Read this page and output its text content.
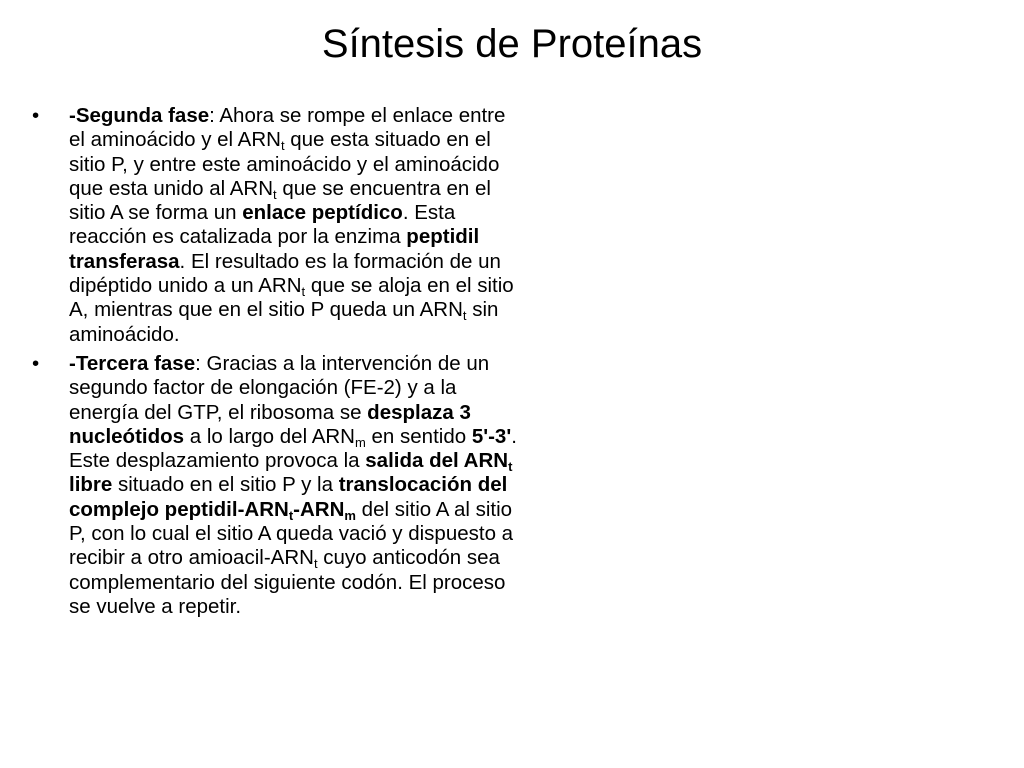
Síntesis de Proteínas
• -Segunda fase: Ahora se rompe el enlace entre el aminoácido y el $ARN_t$ que esta situado en el sitio P, y entre este aminoácido y el aminoácido que esta unido al $ARN_t$ que se encuentra en el sitio A se forma un enlace peptídico. Esta reacción es catalizada por la enzima peptidil transferasa. El resultado es la formación de un dipéptido unido a un $ARN_t$ que se aloja en el sitio A, mientras que en el sitio P queda un $ARN_t$ sin aminoácido.
• -Tercera fase: Gracias a la intervención de un segundo factor de elongación (FE-2) y a la energía del GTP, el ribosoma se desplaza 3 nucleótidos a lo largo del $ARN_m$ en sentido 5'-3'. Este desplazamiento provoca la salida del $ARN_t$ libre situado en el sitio P y la translocación del complejo peptidil-$ARN_t-ARN_m$ del sitio A al sitio P, con lo cual el sitio A queda vació y dispuesto a recibir a otro amioacil-$ARN_t$ cuyo anticodón sea complementario del siguiente codón. El proceso se vuelve a repetir.
